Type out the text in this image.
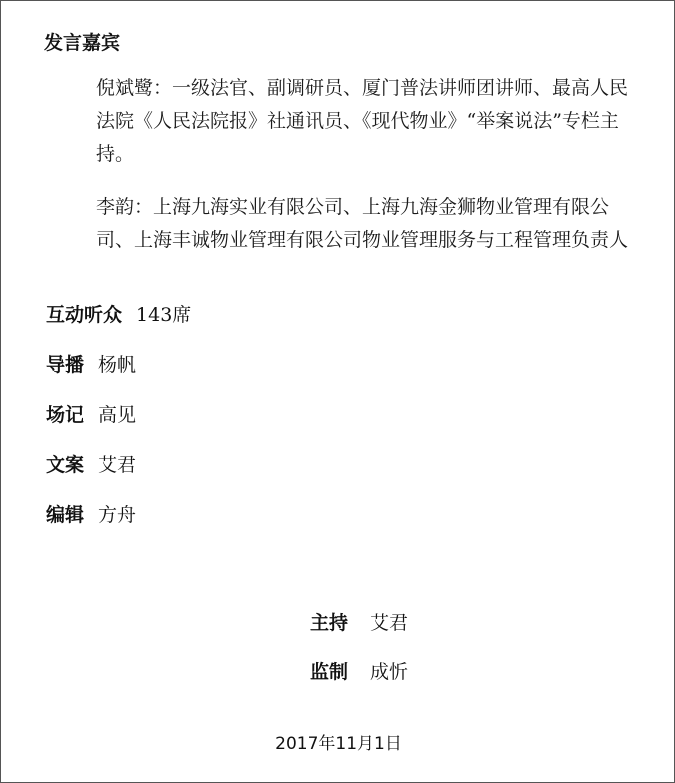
发言嘉宾
倪斌鹭：一级法官、副调研员、厦门普法讲师团讲师、最高人民法院《人民法院报》社通讯员、《现代物业》“举案说法”专栏主持。
李韵：上海九海实业有限公司、上海九海金狮物业管理有限公司、上海丰诚物业管理有限公司物业管理服务与工程管理负责人
互动听众 143席
导播 杨帆
场记 高见
文案 艾君
编辑 方舟
主持 艾君
监制 成忻
2017年11月1日
